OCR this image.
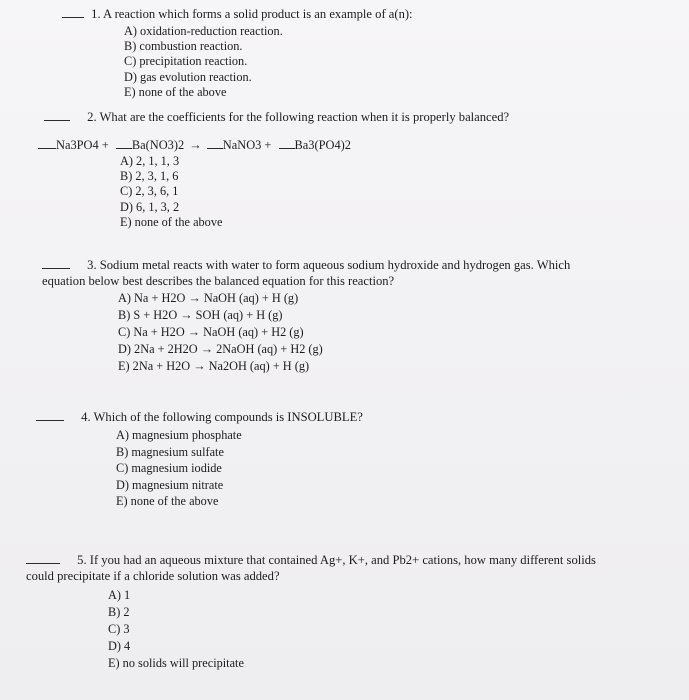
1. A reaction which forms a solid product is an example of a(n):
A) oxidation-reduction reaction.
B) combustion reaction.
C) precipitation reaction.
D) gas evolution reaction.
E) none of the above
2. What are the coefficients for the following reaction when it is properly balanced?
Na3PO4 + Ba(NO3)2 → NaNO3 + Ba3(PO4)2
A) 2, 1, 1, 3
B) 2, 3, 1, 6
C) 2, 3, 6, 1
D) 6, 1, 3, 2
E) none of the above
3. Sodium metal reacts with water to form aqueous sodium hydroxide and hydrogen gas. Which
equation below best describes the balanced equation for this reaction?
A) Na + H2O → NaOH (aq) + H (g)
B) S + H2O → SOH (aq) + H (g)
C) Na + H2O → NaOH (aq) + H2 (g)
D) 2Na + 2H2O → 2NaOH (aq) + H2 (g)
E) 2Na + H2O → Na2OH (aq) + H (g)
4. Which of the following compounds is INSOLUBLE?
A) magnesium phosphate
B) magnesium sulfate
C) magnesium iodide
D) magnesium nitrate
E) none of the above
5. If you had an aqueous mixture that contained Ag+, K+, and Pb2+ cations, how many different solids
could precipitate if a chloride solution was added?
A) 1
B) 2
C) 3
D) 4
E) no solids will precipitate
